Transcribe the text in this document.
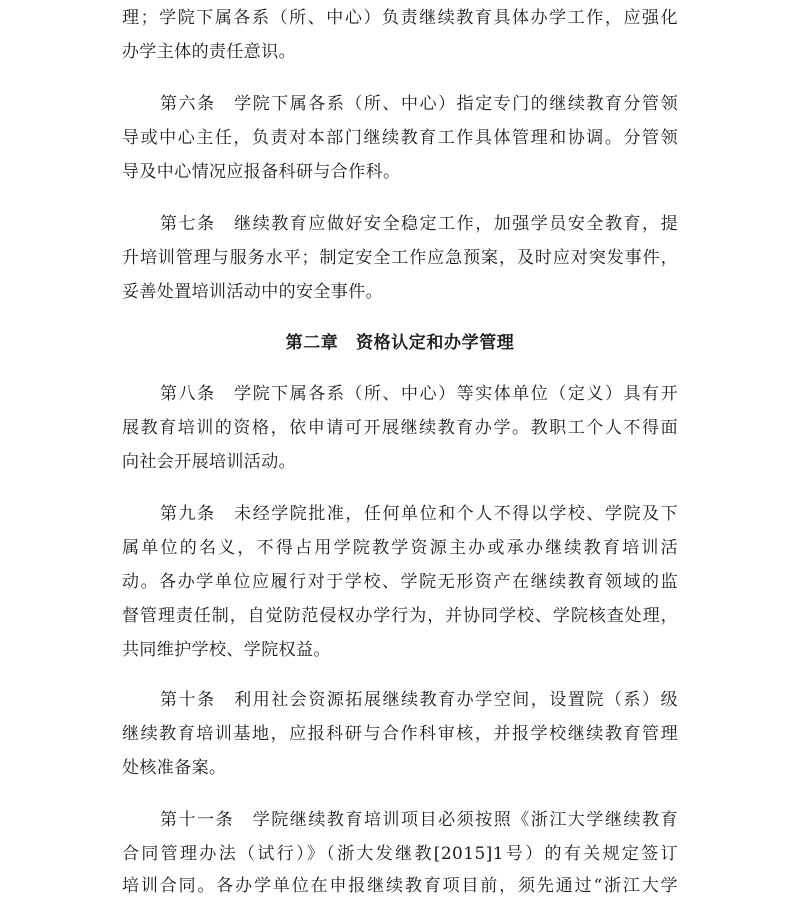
理；学院下属各系（所、中心）负责继续教育具体办学工作，应强化
办学主体的责任意识。
第六条　学院下属各系（所、中心）指定专门的继续教育分管领
导或中心主任，负责对本部门继续教育工作具体管理和协调。分管领
导及中心情况应报备科研与合作科。
第七条　继续教育应做好安全稳定工作，加强学员安全教育，提
升培训管理与服务水平；制定安全工作应急预案，及时应对突发事件，
妥善处置培训活动中的安全事件。
第二章　资格认定和办学管理
第八条　学院下属各系（所、中心）等实体单位（定义）具有开
展教育培训的资格，依申请可开展继续教育办学。教职工个人不得面
向社会开展培训活动。
第九条　未经学院批准，任何单位和个人不得以学校、学院及下
属单位的名义，不得占用学院教学资源主办或承办继续教育培训活
动。各办学单位应履行对于学校、学院无形资产在继续教育领域的监
督管理责任制，自觉防范侵权办学行为，并协同学校、学院核查处理，
共同维护学校、学院权益。
第十条　利用社会资源拓展继续教育办学空间，设置院（系）级
继续教育培训基地，应报科研与合作科审核，并报学校继续教育管理
处核准备案。
第十一条　学院继续教育培训项目必须按照《浙江大学继续教育
合同管理办法（试行）》（浙大发继教[2015]1号）的有关规定签订
培训合同。各办学单位在申报继续教育项目前，须先通过“浙江大学
